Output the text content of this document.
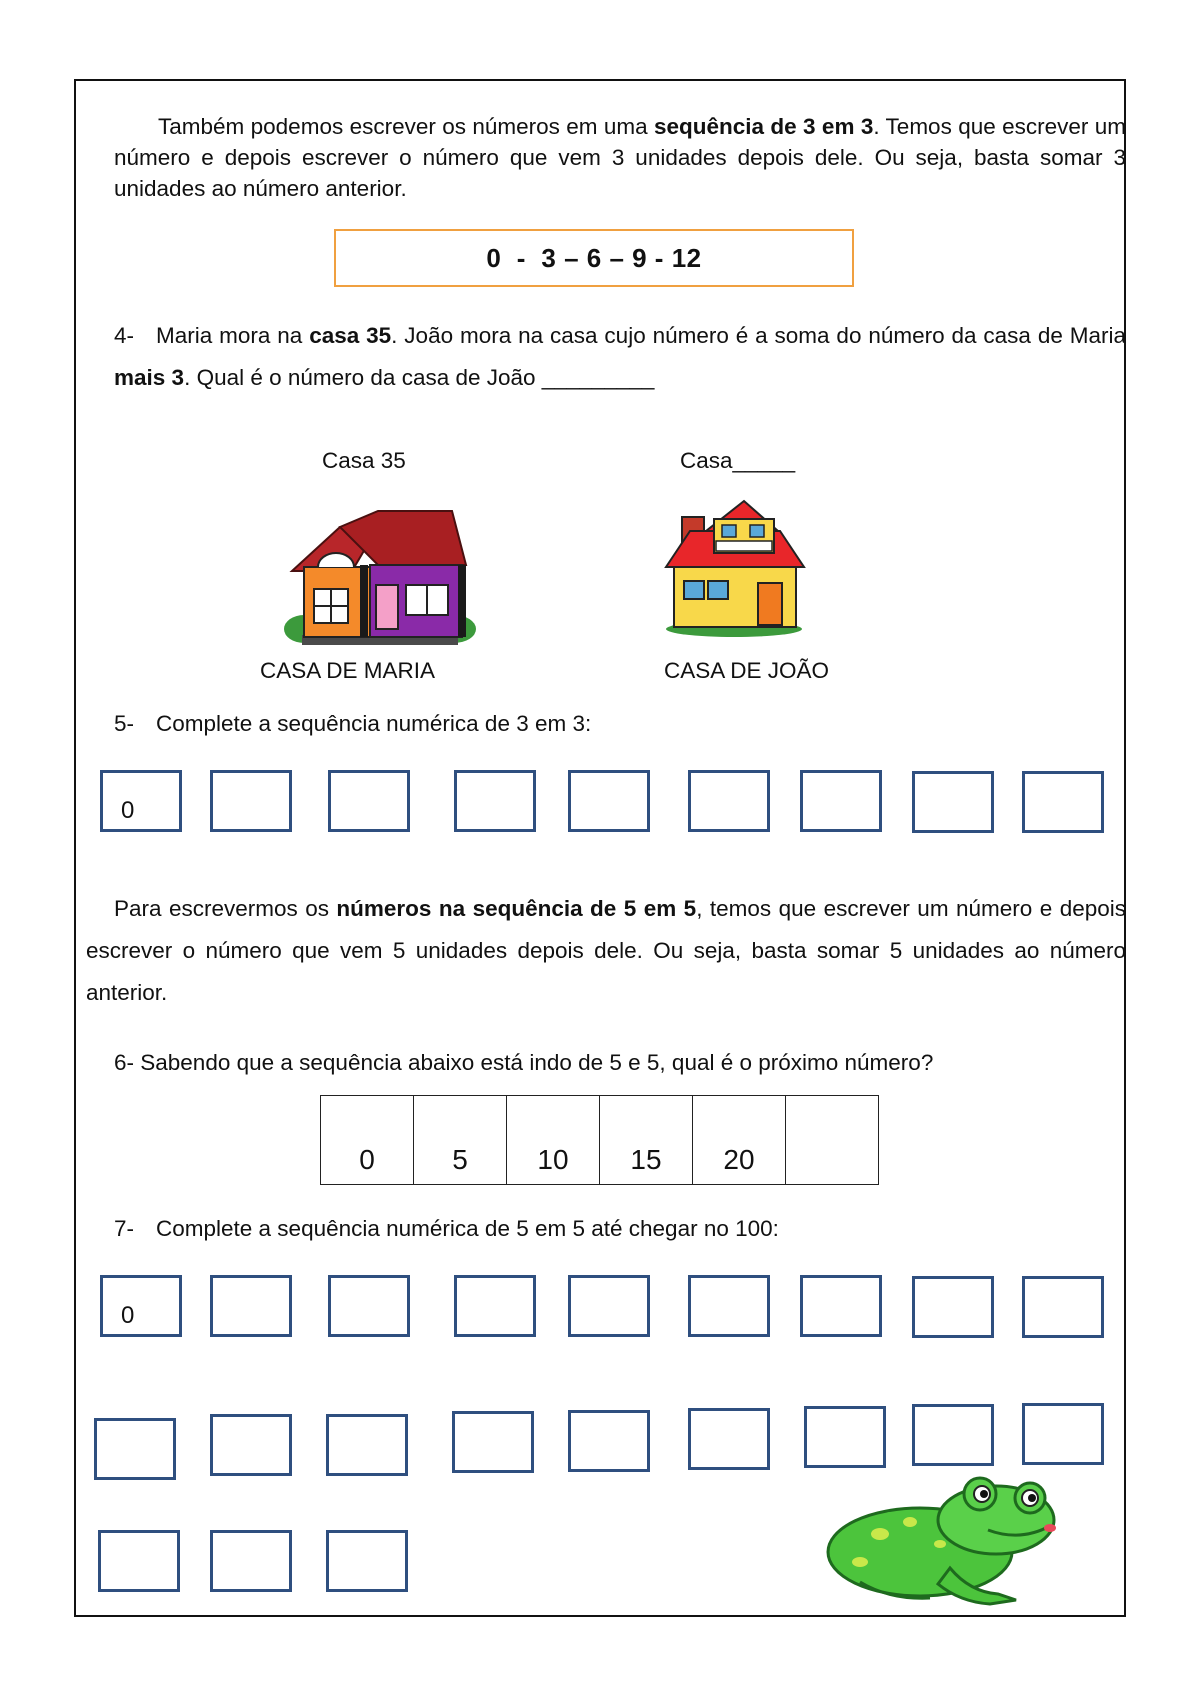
Também podemos escrever os números em uma sequência de 3 em 3. Temos que escrever um número e depois escrever o número que vem 3 unidades depois dele. Ou seja, basta somar 3 unidades ao número anterior.
0  -  3 – 6 – 9 - 12
4- Maria mora na casa 35. João mora na casa cujo número é a soma do número da casa de Maria mais 3. Qual é o número da casa de João _________
Casa 35	Casa_____
CASA DE MARIA	CASA DE JOÃO
5- Complete a sequência numérica de 3 em 3:
0
Para escrevermos os números na sequência de 5 em 5, temos que escrever um número e depois escrever o número que vem 5 unidades depois dele. Ou seja, basta somar 5 unidades ao número anterior.
6- Sabendo que a sequência abaixo está indo de 5 e 5, qual é o próximo número?
0	5	10	15	20	
7- Complete a sequência numérica de 5 em 5 até chegar no 100:
0
